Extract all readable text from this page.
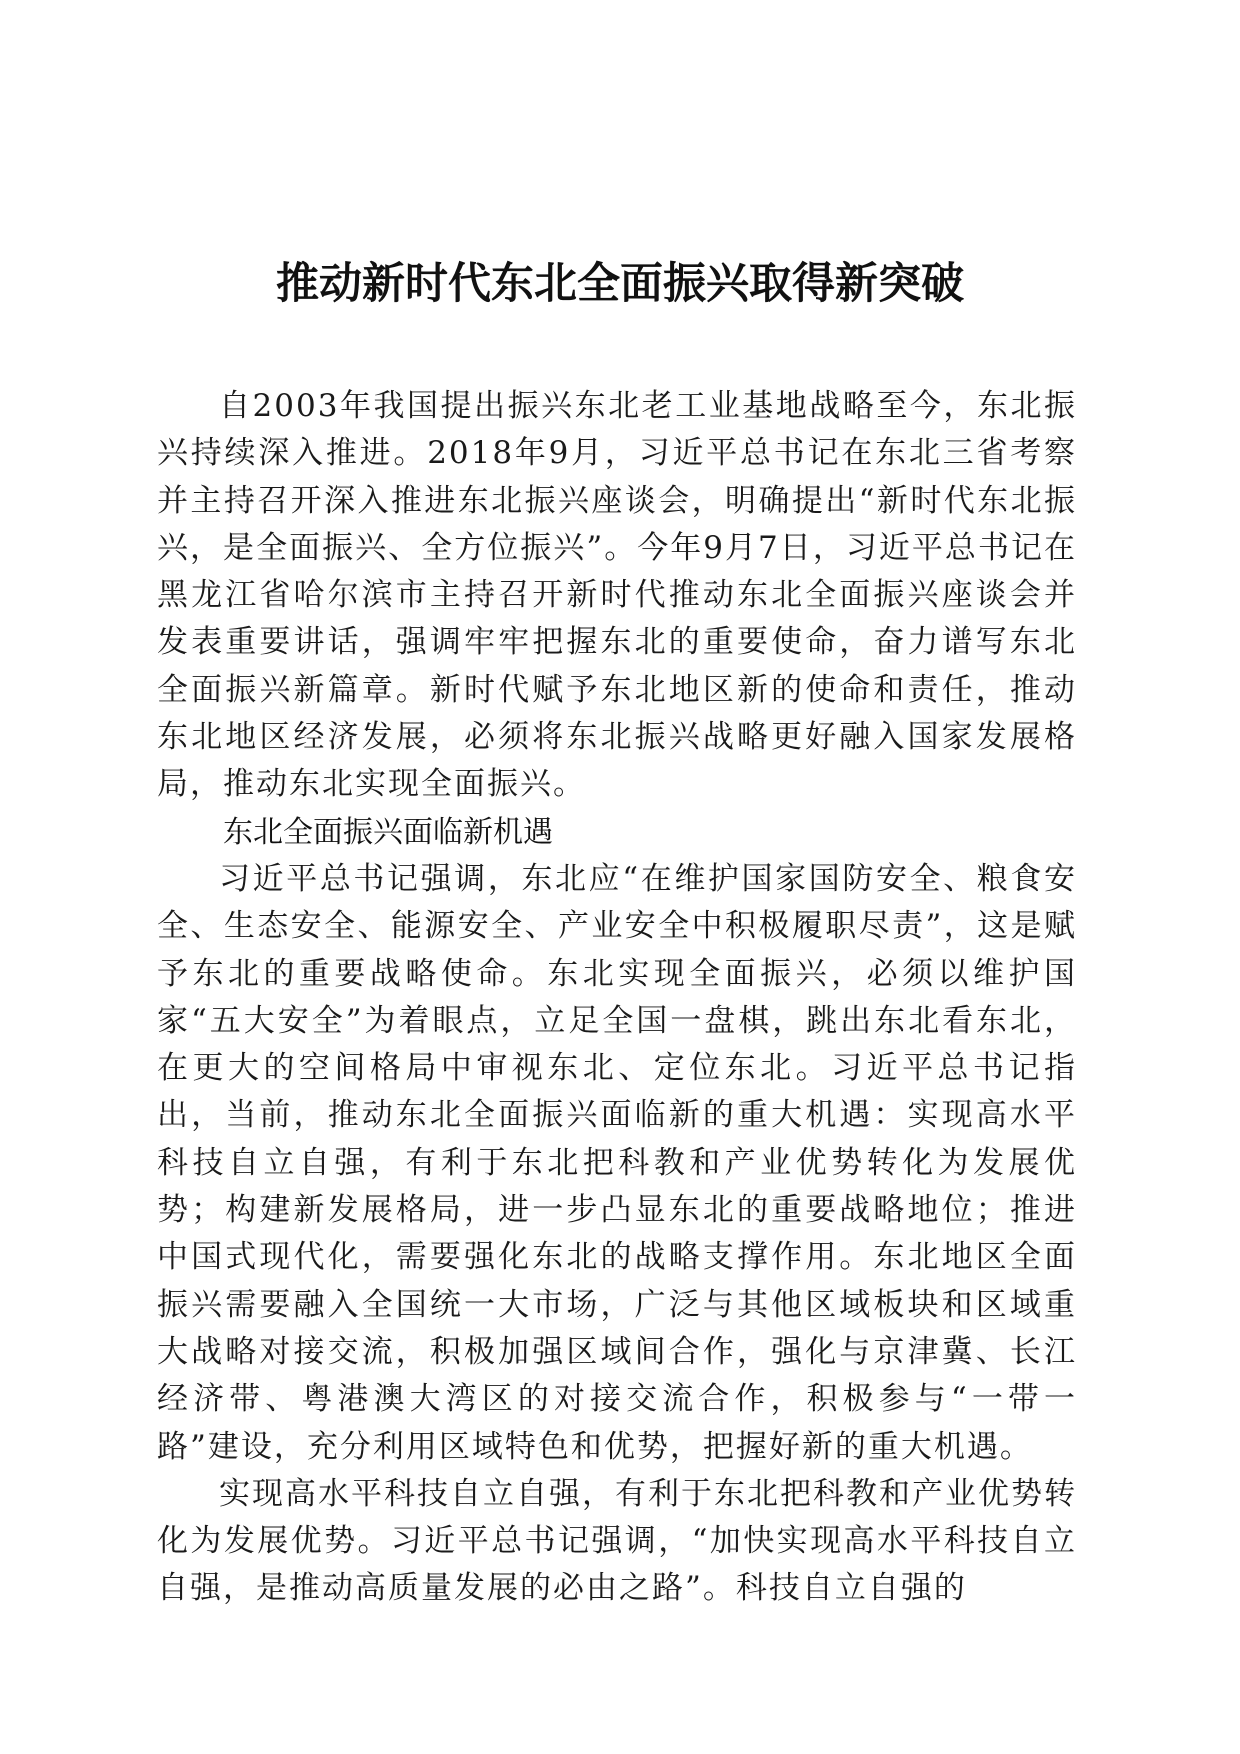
推动新时代东北全面振兴取得新突破

自2003年我国提出振兴东北老工业基地战略至今，东北振兴持续深入推进。2018年9月，习近平总书记在东北三省考察并主持召开深入推进东北振兴座谈会，明确提出“新时代东北振兴，是全面振兴、全方位振兴”。今年9月7日，习近平总书记在黑龙江省哈尔滨市主持召开新时代推动东北全面振兴座谈会并发表重要讲话，强调牢牢把握东北的重要使命，奋力谱写东北全面振兴新篇章。新时代赋予东北地区新的使命和责任，推动东北地区经济发展，必须将东北振兴战略更好融入国家发展格局，推动东北实现全面振兴。

东北全面振兴面临新机遇

习近平总书记强调，东北应“在维护国家国防安全、粮食安全、生态安全、能源安全、产业安全中积极履职尽责”，这是赋予东北的重要战略使命。东北实现全面振兴，必须以维护国家“五大安全”为着眼点，立足全国一盘棋，跳出东北看东北，在更大的空间格局中审视东北、定位东北。习近平总书记指出，当前，推动东北全面振兴面临新的重大机遇：实现高水平科技自立自强，有利于东北把科教和产业优势转化为发展优势；构建新发展格局，进一步凸显东北的重要战略地位；推进中国式现代化，需要强化东北的战略支撑作用。东北地区全面振兴需要融入全国统一大市场，广泛与其他区域板块和区域重大战略对接交流，积极加强区域间合作，强化与京津冀、长江经济带、粤港澳大湾区的对接交流合作，积极参与“一带一路”建设，充分利用区域特色和优势，把握好新的重大机遇。

实现高水平科技自立自强，有利于东北把科教和产业优势转化为发展优势。习近平总书记强调，“加快实现高水平科技自立自强，是推动高质量发展的必由之路”。科技自立自强的
